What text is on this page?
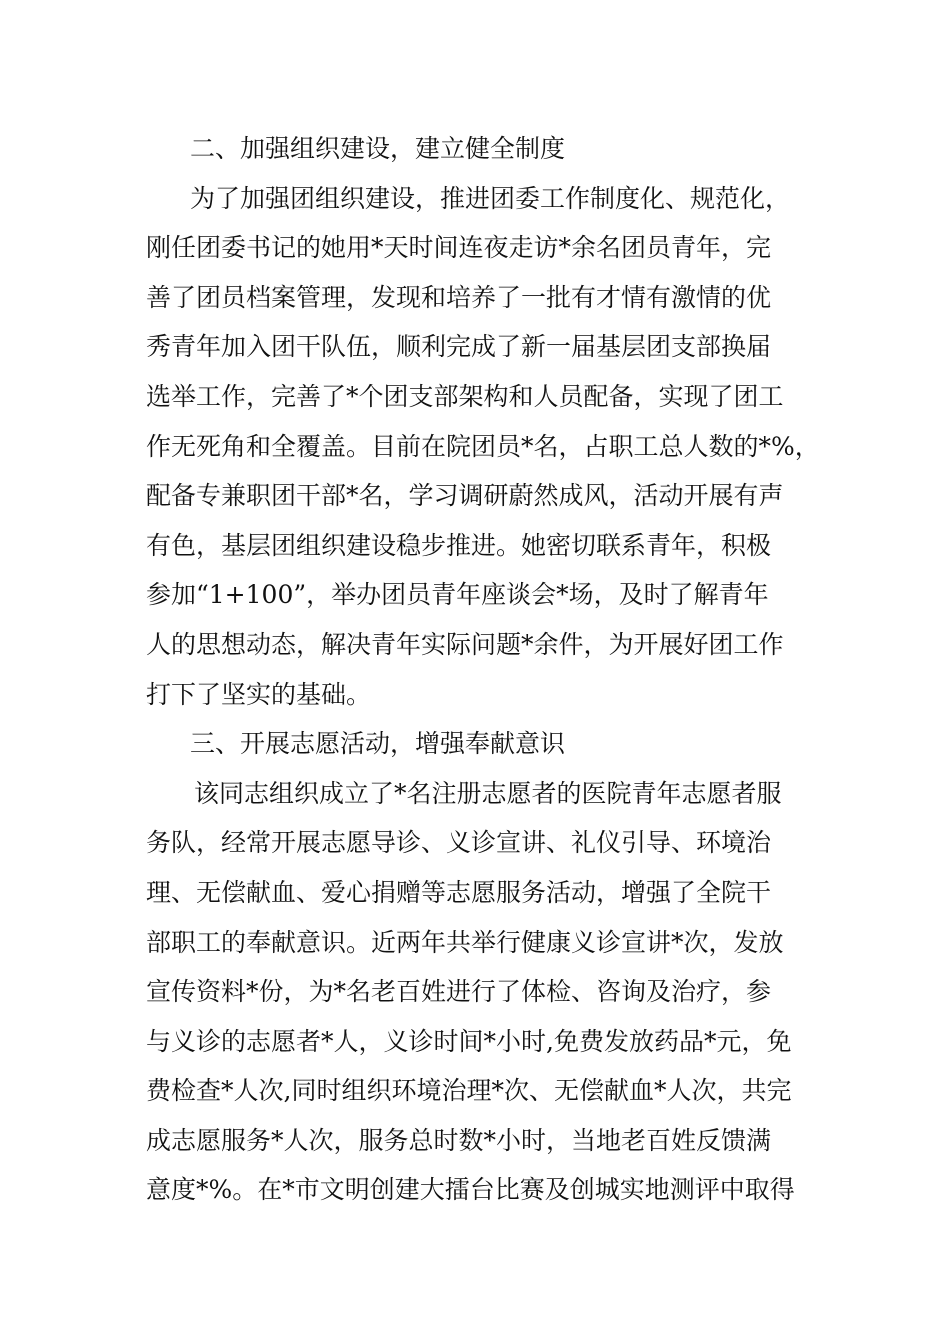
二、加强组织建设，建立健全制度

为了加强团组织建设，推进团委工作制度化、规范化，
刚任团委书记的她用*天时间连夜走访*余名团员青年，完
善了团员档案管理，发现和培养了一批有才情有激情的优
秀青年加入团干队伍，顺利完成了新一届基层团支部换届
选举工作，完善了*个团支部架构和人员配备，实现了团工
作无死角和全覆盖。目前在院团员*名，占职工总人数的*%，
配备专兼职团干部*名，学习调研蔚然成风，活动开展有声
有色，基层团组织建设稳步推进。她密切联系青年，积极
参加“1+100”，举办团员青年座谈会*场，及时了解青年
人的思想动态，解决青年实际问题*余件，为开展好团工作
打下了坚实的基础。

三、开展志愿活动，增强奉献意识

该同志组织成立了*名注册志愿者的医院青年志愿者服
务队，经常开展志愿导诊、义诊宣讲、礼仪引导、环境治
理、无偿献血、爱心捐赠等志愿服务活动，增强了全院干
部职工的奉献意识。近两年共举行健康义诊宣讲*次，发放
宣传资料*份，为*名老百姓进行了体检、咨询及治疗，参
与义诊的志愿者*人，义诊时间*小时,免费发放药品*元，免
费检查*人次,同时组织环境治理*次、无偿献血*人次，共完
成志愿服务*人次，服务总时数*小时，当地老百姓反馈满
意度*%。在*市文明创建大擂台比赛及创城实地测评中取得
